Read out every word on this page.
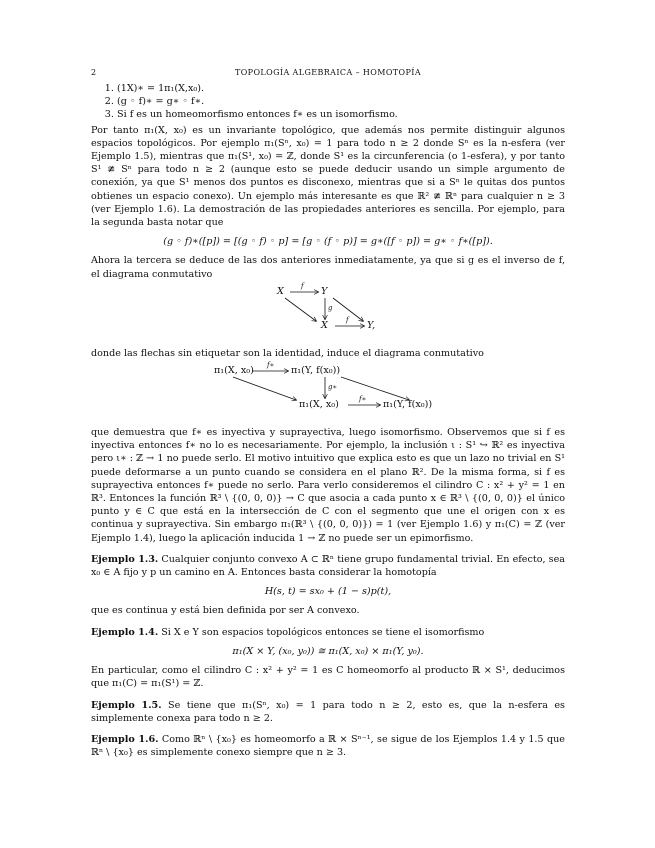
2	TOPOLOGÍA ALGEBRAICA – HOMOTOPÍA
1. (1X)∗ = 1π₁(X,x₀).
2. (g ◦ f)∗ = g∗ ◦ f∗.
3. Si f es un homeomorfismo entonces f∗ es un isomorfismo.

Por tanto π₁(X, x₀) es un invariante topológico, que además nos permite distinguir algunos espacios topológicos. Por ejemplo π₁(Sⁿ, x₀) = 1 para todo n ≥ 2 donde Sⁿ es la n-esfera (ver Ejemplo 1.5), mientras que π₁(S¹, x₀) = ℤ, donde S¹ es la circunferencia (o 1-esfera), y por tanto S¹ ≇ Sⁿ para todo n ≥ 2 (aunque esto se puede deducir usando un simple argumento de conexión, ya que S¹ menos dos puntos es disconexo, mientras que si a Sⁿ le quitas dos puntos obtienes un espacio conexo). Un ejemplo más interesante es que ℝ² ≇ ℝⁿ para cualquier n ≥ 3 (ver Ejemplo 1.6). La demostración de las propiedades anteriores es sencilla. Por ejemplo, para la segunda basta notar que

(g ◦ f)∗([p]) = [(g ◦ f) ◦ p] = [g ◦ (f ◦ p)] = g∗([f ◦ p]) = g∗ ◦ f∗([p]).

Ahora la tercera se deduce de las dos anteriores inmediatamente, ya que si g es el inverso de f, el diagrama conmutativo

X f Y
g
X	f Y,

donde las flechas sin etiquetar son la identidad, induce el diagrama conmutativo

π₁(X, x₀) f∗ π₁(Y, f(x₀))
g∗
π₁(X, x₀)	f∗ π₁(Y, f(x₀))

que demuestra que f∗ es inyectiva y suprayectiva, luego isomorfismo. Observemos que si f es inyectiva entonces f∗ no lo es necesariamente. Por ejemplo, la inclusión ι : S¹ ↪ ℝ² es inyectiva pero ι∗ : ℤ → 1 no puede serlo. El motivo intuitivo que explica esto es que un lazo no trivial en S¹ puede deformarse a un punto cuando se considera en el plano ℝ². De la misma forma, si f es suprayectiva entonces f∗ puede no serlo. Para verlo consideremos el cilindro C : x² + y² = 1 en ℝ³. Entonces la función ℝ³ \ {(0, 0, 0)} → C que asocia a cada punto x ∈ ℝ³ \ {(0, 0, 0)} el único punto y ∈ C que está en la intersección de C con el segmento que une el origen con x es continua y suprayectiva. Sin embargo π₁(ℝ³ \ {(0, 0, 0)}) = 1 (ver Ejemplo 1.6) y π₁(C) = ℤ (ver Ejemplo 1.4), luego la aplicación inducida 1 → ℤ no puede ser un epimorfismo.

Ejemplo 1.3. Cualquier conjunto convexo A ⊂ ℝⁿ tiene grupo fundamental trivial. En efecto, sea x₀ ∈ A fijo y p un camino en A. Entonces basta considerar la homotopía

H(s, t) = sx₀ + (1 − s)p(t),

que es continua y está bien definida por ser A convexo.

Ejemplo 1.4. Si X e Y son espacios topológicos entonces se tiene el isomorfismo

π₁(X × Y, (x₀, y₀)) ≅ π₁(X, x₀) × π₁(Y, y₀).

En particular, como el cilindro C : x² + y² = 1 es C homeomorfo al producto ℝ × S¹, deducimos que π₁(C) = π₁(S¹) = ℤ.

Ejemplo 1.5. Se tiene que π₁(Sⁿ, x₀) = 1 para todo n ≥ 2, esto es, que la n-esfera es simplemente conexa para todo n ≥ 2.

Ejemplo 1.6. Como ℝⁿ \ {x₀} es homeomorfo a ℝ × Sⁿ⁻¹, se sigue de los Ejemplos 1.4 y 1.5 que ℝⁿ \ {x₀} es simplemente conexo siempre que n ≥ 3.
